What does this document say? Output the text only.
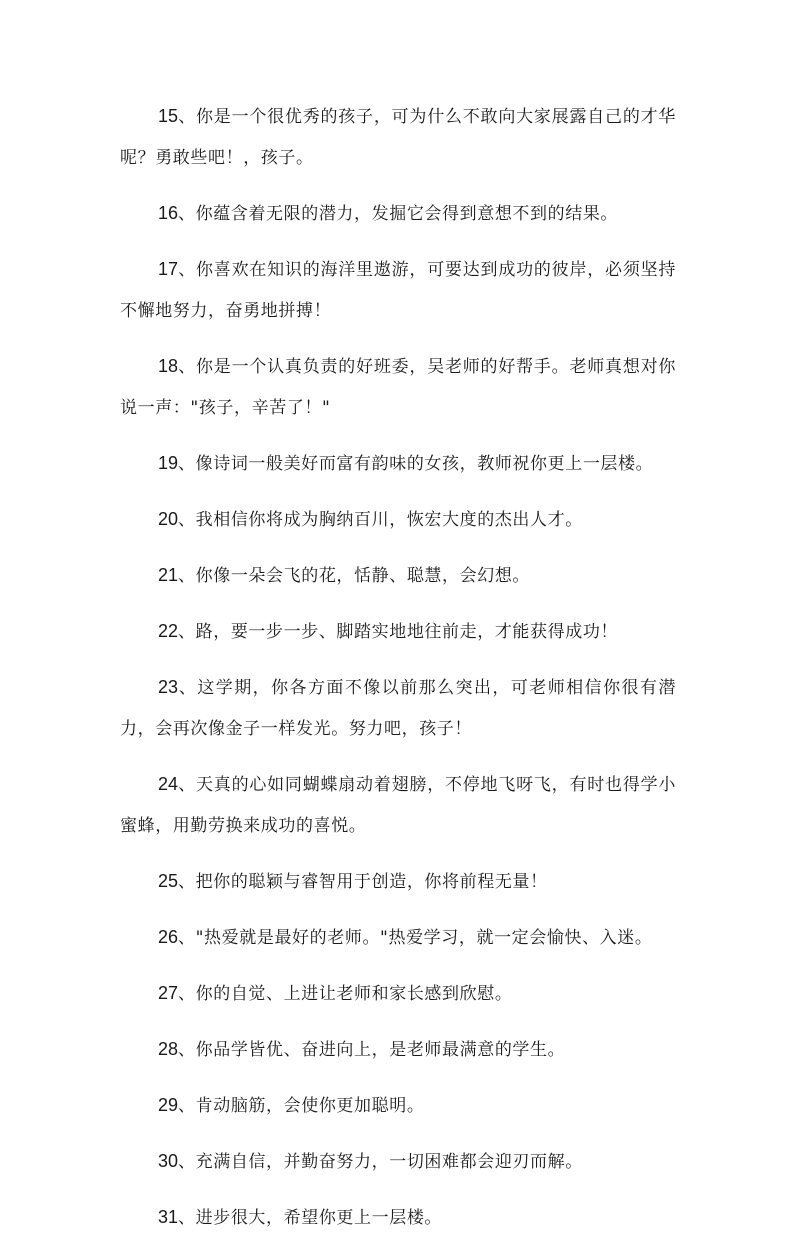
15、你是一个很优秀的孩子，可为什么不敢向大家展露自己的才华呢？勇敢些吧！，孩子。

16、你蕴含着无限的潜力，发掘它会得到意想不到的结果。

17、你喜欢在知识的海洋里遨游，可要达到成功的彼岸，必须坚持不懈地努力，奋勇地拼搏！

18、你是一个认真负责的好班委，吴老师的好帮手。老师真想对你说一声："孩子，辛苦了！"

19、像诗词一般美好而富有韵味的女孩，教师祝你更上一层楼。

20、我相信你将成为胸纳百川，恢宏大度的杰出人才。

21、你像一朵会飞的花，恬静、聪慧，会幻想。

22、路，要一步一步、脚踏实地地往前走，才能获得成功！

23、这学期，你各方面不像以前那么突出，可老师相信你很有潜力，会再次像金子一样发光。努力吧，孩子！

24、天真的心如同蝴蝶扇动着翅膀，不停地飞呀飞，有时也得学小蜜蜂，用勤劳换来成功的喜悦。

25、把你的聪颖与睿智用于创造，你将前程无量！

26、"热爱就是最好的老师。"热爱学习，就一定会愉快、入迷。

27、你的自觉、上进让老师和家长感到欣慰。

28、你品学皆优、奋进向上，是老师最满意的学生。

29、肯动脑筋，会使你更加聪明。

30、充满自信，并勤奋努力，一切困难都会迎刃而解。

31、进步很大，希望你更上一层楼。
